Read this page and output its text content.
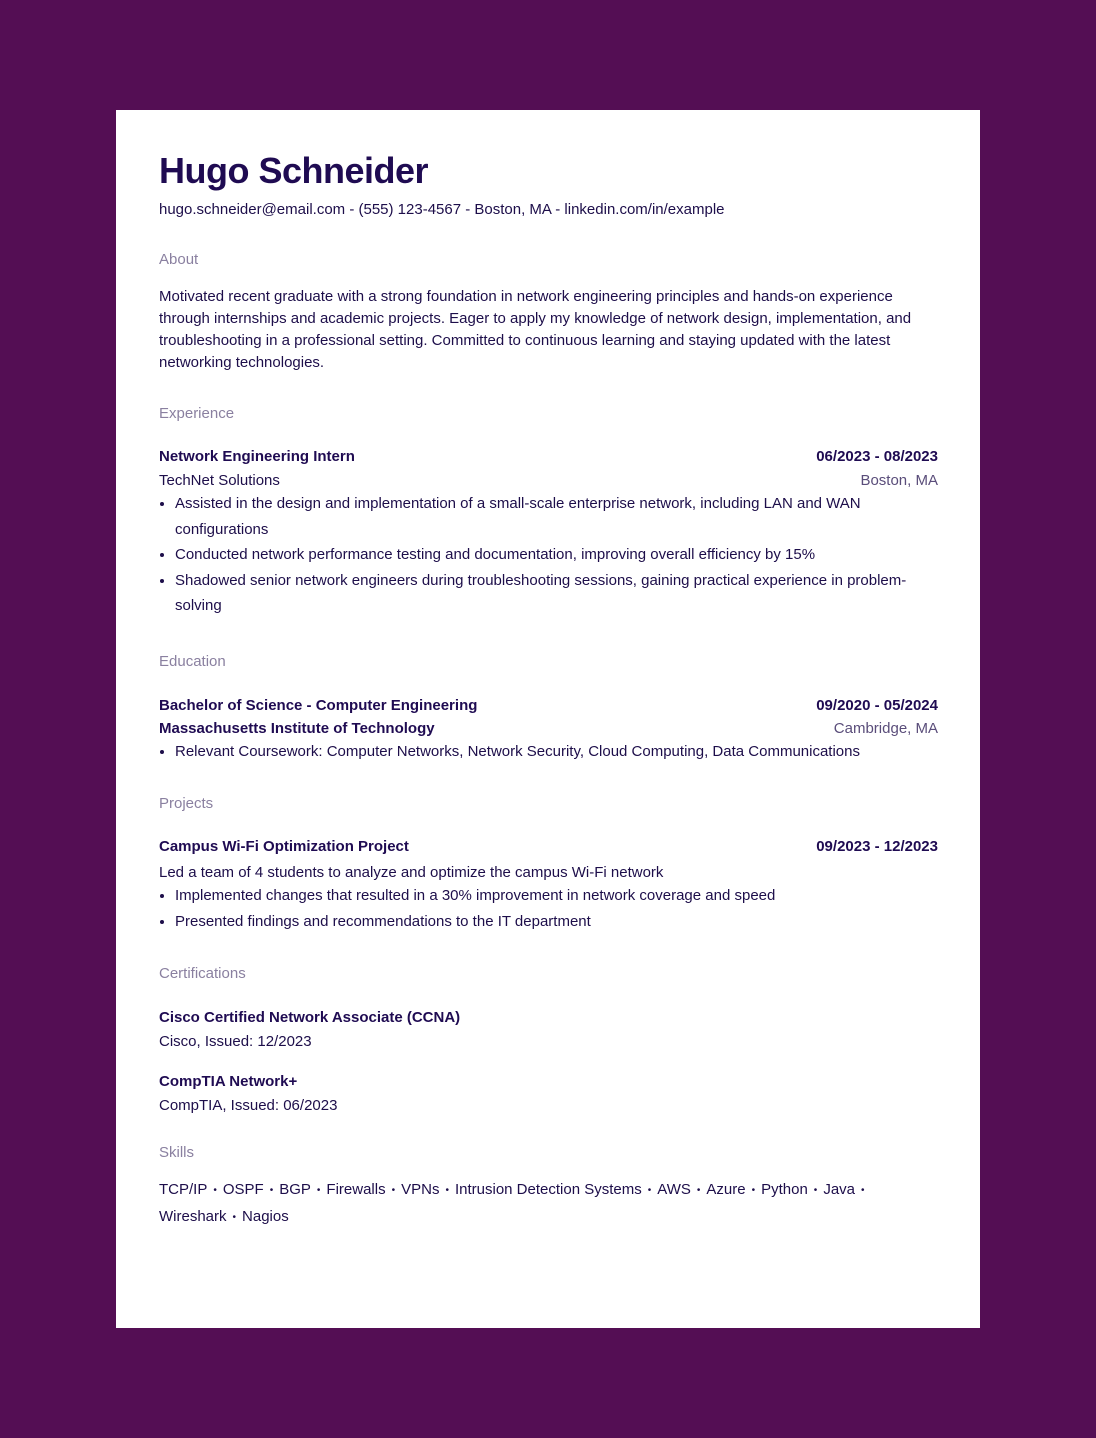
Hugo Schneider
hugo.schneider@email.com - (555) 123-4567 - Boston, MA - linkedin.com/in/example
About
Motivated recent graduate with a strong foundation in network engineering principles and hands-on experience through internships and academic projects. Eager to apply my knowledge of network design, implementation, and troubleshooting in a professional setting. Committed to continuous learning and staying updated with the latest networking technologies.
Experience
Network Engineering Intern	06/2023 - 08/2023
TechNet Solutions	Boston, MA
• Assisted in the design and implementation of a small-scale enterprise network, including LAN and WAN configurations
• Conducted network performance testing and documentation, improving overall efficiency by 15%
• Shadowed senior network engineers during troubleshooting sessions, gaining practical experience in problem-solving
Education
Bachelor of Science - Computer Engineering	09/2020 - 05/2024
Massachusetts Institute of Technology	Cambridge, MA
• Relevant Coursework: Computer Networks, Network Security, Cloud Computing, Data Communications
Projects
Campus Wi-Fi Optimization Project	09/2023 - 12/2023
Led a team of 4 students to analyze and optimize the campus Wi-Fi network
• Implemented changes that resulted in a 30% improvement in network coverage and speed
• Presented findings and recommendations to the IT department
Certifications
Cisco Certified Network Associate (CCNA)
Cisco, Issued: 12/2023
CompTIA Network+
CompTIA, Issued: 06/2023
Skills
TCP/IP • OSPF • BGP • Firewalls • VPNs • Intrusion Detection Systems • AWS • Azure • Python • Java •
Wireshark • Nagios
